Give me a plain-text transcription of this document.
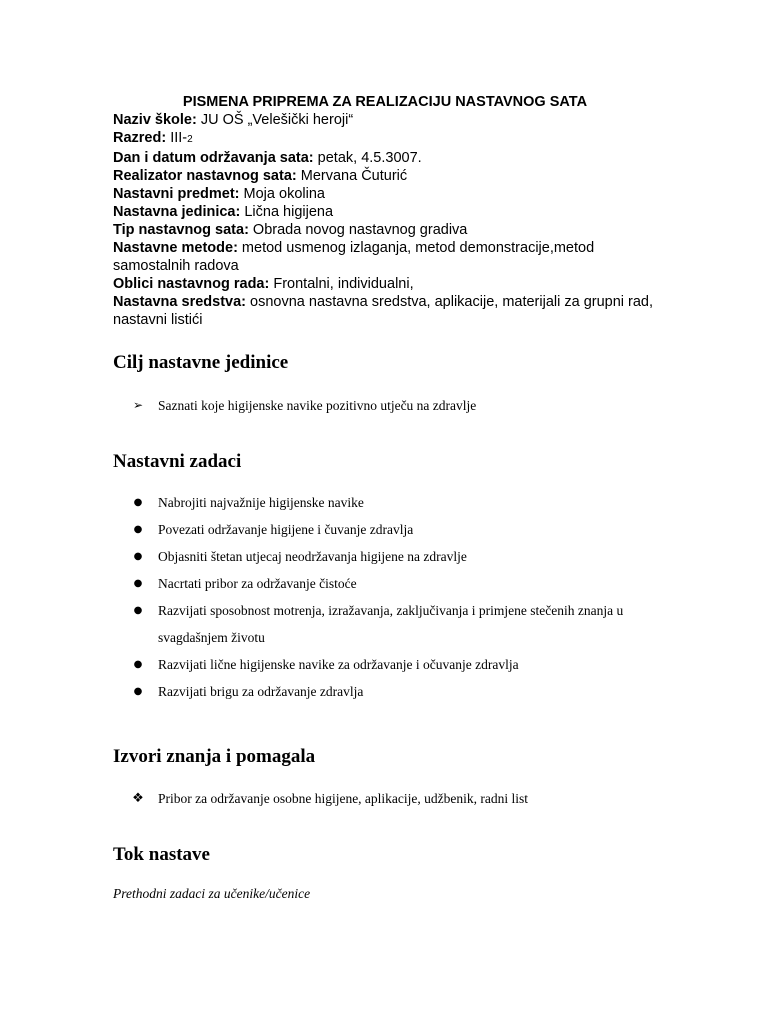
PISMENA PRIPREMA ZA REALIZACIJU NASTAVNOG SATA

Naziv škole: JU OŠ „Velešički heroji“

Razred: III-2

Dan i datum održavanja sata: petak, 4.5.3007.

Realizator nastavnog sata: Mervana Čuturić

Nastavni predmet: Moja okolina

Nastavna jedinica: Lična higijena

Tip nastavnog sata: Obrada novog nastavnog gradiva

Nastavne metode: metod usmenog izlaganja, metod demonstracije,metod samostalnih radova

Oblici nastavnog rada: Frontalni, individualni,

Nastavna sredstva: osnovna nastavna sredstva, aplikacije, materijali za grupni rad, nastavni listići

Cilj nastavne jedinice
➢ Saznati koje higijenske navike pozitivno utječu na zdravlje
Nastavni zadaci
● Nabrojiti najvažnije higijenske navike
● Povezati održavanje higijene i čuvanje zdravlja
● Objasniti štetan utjecaj neodržavanja higijene na zdravlje
● Nacrtati pribor za održavanje čistoće
● Razvijati sposobnost motrenja, izražavanja, zaključivanja i primjene stečenih znanja u svagdašnjem životu
● Razvijati lične higijenske navike za održavanje i očuvanje zdravlja
● Razvijati brigu za održavanje zdravlja
Izvori znanja i pomagala
❖ Pribor za održavanje osobne higijene, aplikacije, udžbenik, radni list
Tok nastave

Prethodni zadaci za učenike/učenice
